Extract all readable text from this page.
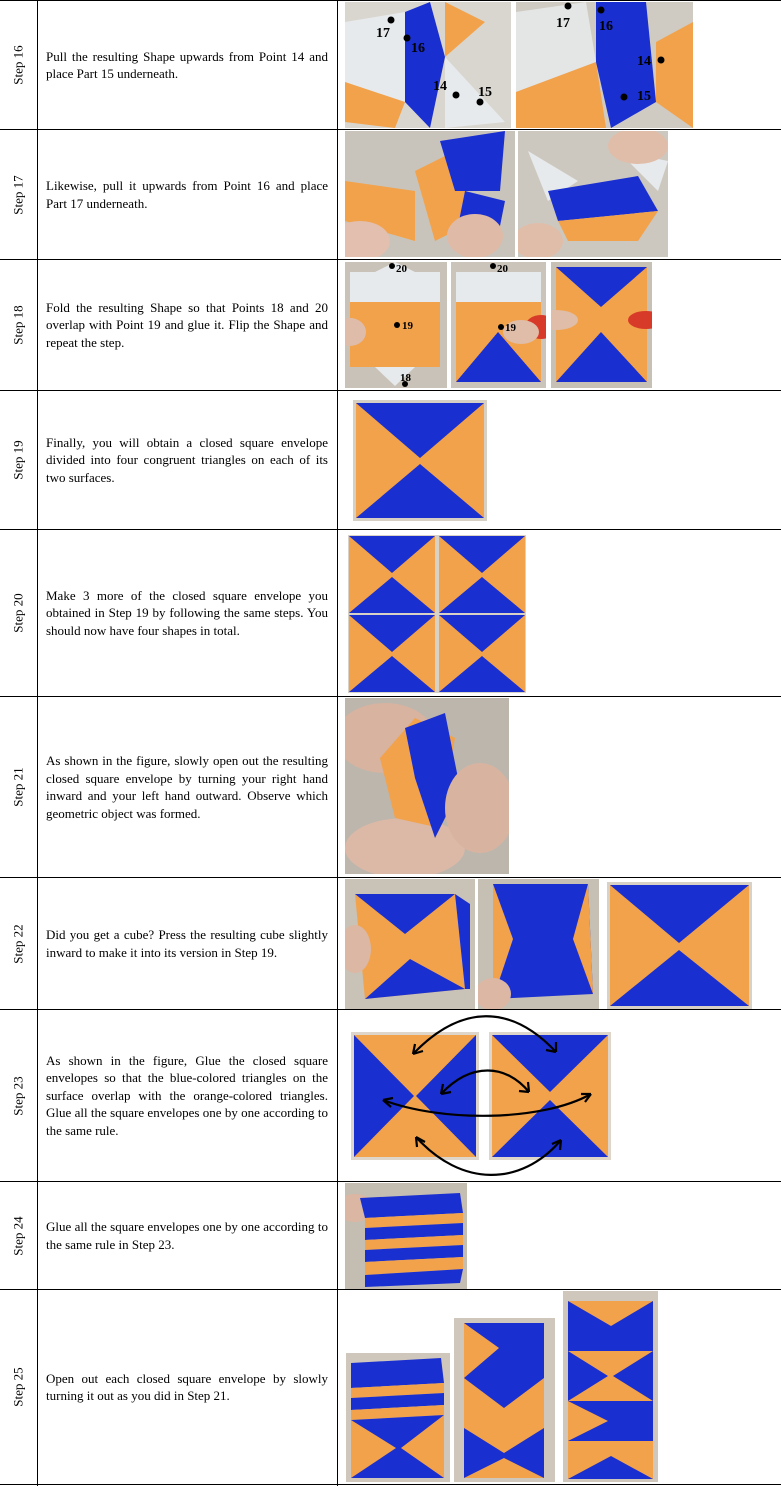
Step 16 Pull the resulting Shape upwards from Point 14 and place Part 15 underneath.
17
16
14 15
17 16
14
15
Step 17 Likewise, pull it upwards from Point 16 and place Part 17 underneath.
Step 18 Fold the resulting Shape so that Points 18 and 20 overlap with Point 19 and glue it. Flip the Shape and repeat the step.
20
19
18
20
19
Step 19 Finally, you will obtain a closed square envelope divided into four congruent triangles on each of its two surfaces.
Step 20 Make 3 more of the closed square envelope you obtained in Step 19 by following the same steps. You should now have four shapes in total.
Step 21
As shown in the figure, slowly open out the resulting closed square envelope by turning your right hand inward and your left hand outward. Observe which geometric object was formed.
Step 22 Did you get a cube? Press the resulting cube slightly inward to make it into its version in Step 19.
Step 23
As shown in the figure, Glue the closed square envelopes so that the blue-colored triangles on the surface overlap with the orange-colored triangles. Glue all the square envelopes one by one according to the same rule.
Step 24 Glue all the square envelopes one by one according to the same rule in Step 23.
Step 25 Open out each closed square envelope by slowly turning it out as you did in Step 21.
